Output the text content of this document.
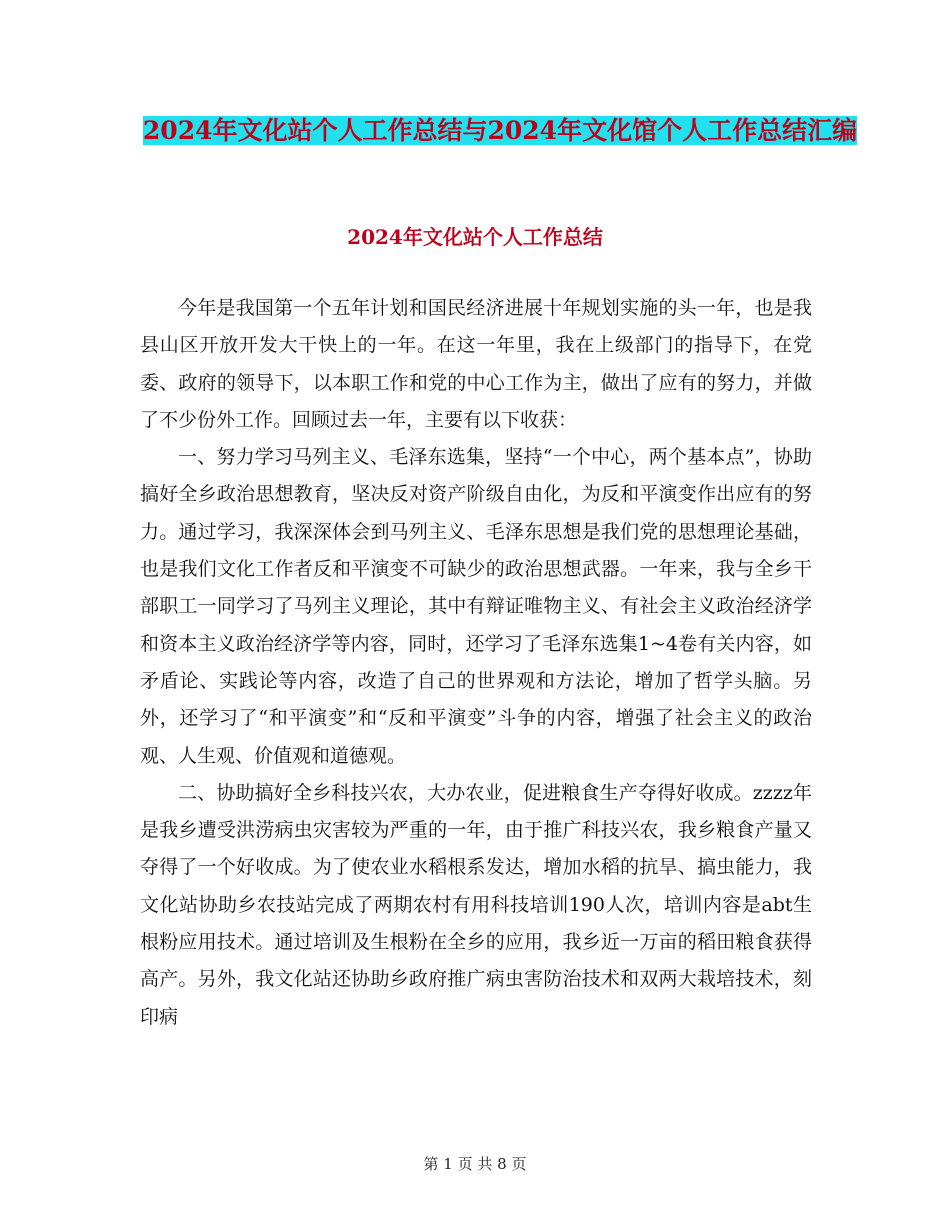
2024年文化站个人工作总结与2024年文化馆个人工作总结汇编
2024年文化站个人工作总结

今年是我国第一个五年计划和国民经济进展十年规划实施的头一年，也是我县山区开放开发大干快上的一年。在这一年里，我在上级部门的指导下，在党委、政府的领导下，以本职工作和党的中心工作为主，做出了应有的努力，并做了不少份外工作。回顾过去一年，主要有以下收获：

一、努力学习马列主义、毛泽东选集，坚持“一个中心，两个基本点”，协助搞好全乡政治思想教育，坚决反对资产阶级自由化，为反和平演变作出应有的努力。通过学习，我深深体会到马列主义、毛泽东思想是我们党的思想理论基础，也是我们文化工作者反和平演变不可缺少的政治思想武器。一年来，我与全乡干部职工一同学习了马列主义理论，其中有辩证唯物主义、有社会主义政治经济学和资本主义政治经济学等内容，同时，还学习了毛泽东选集1~4卷有关内容，如矛盾论、实践论等内容，改造了自己的世界观和方法论，增加了哲学头脑。另外，还学习了“和平演变”和“反和平演变”斗争的内容，增强了社会主义的政治观、人生观、价值观和道德观。

二、协助搞好全乡科技兴农，大办农业，促进粮食生产夺得好收成。zzzz年是我乡遭受洪涝病虫灾害较为严重的一年，由于推广科技兴农，我乡粮食产量又夺得了一个好收成。为了使农业水稻根系发达，增加水稻的抗旱、搞虫能力，我文化站协助乡农技站完成了两期农村有用科技培训190人次，培训内容是abt生根粉应用技术。通过培训及生根粉在全乡的应用，我乡近一万亩的稻田粮食获得高产。另外，我文化站还协助乡政府推广病虫害防治技术和双两大栽培技术，刻印病

第 1 页 共 8 页
